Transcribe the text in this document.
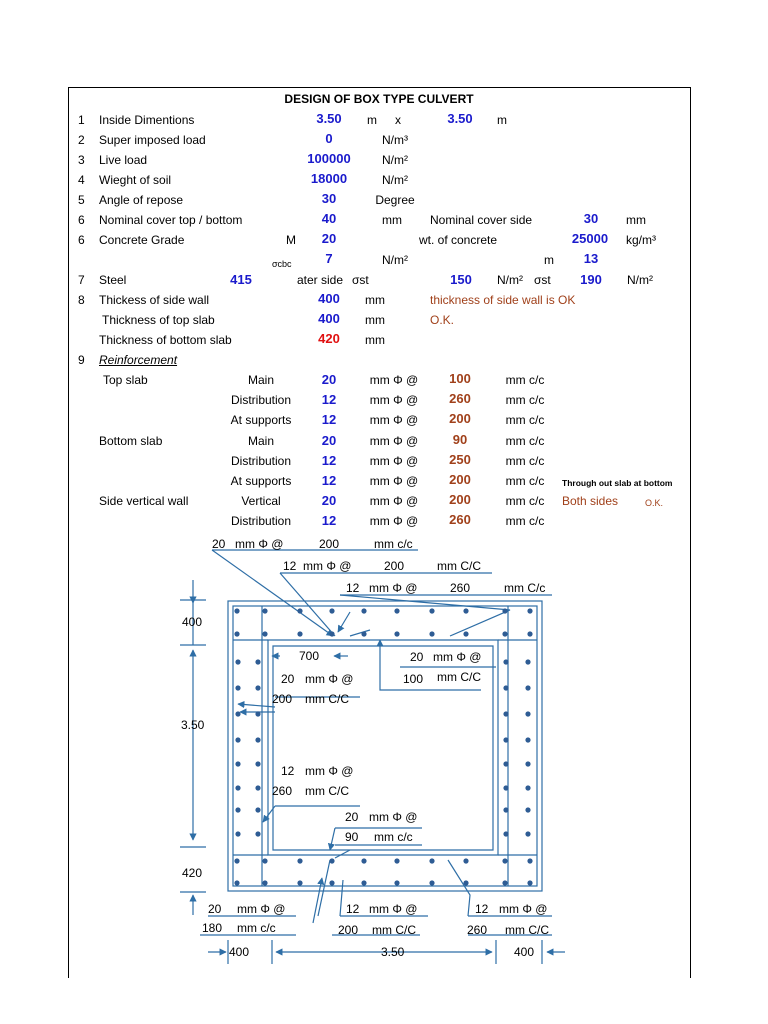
DESIGN OF BOX TYPE CULVERT
1 Inside Dimentions	3.50 m x	3.50 m
2 Super imposed load	0	N/m³
3 Live load	100000	N/m²
4 Wieght of soil	18000	N/m²
5 Angle of repose	30	Degree
6 Nominal cover top / bottom	40	mm Nominal cover side	30 mm
6 Concrete Grade	M 20	wt. of concrete	25000 kg/m³
σcbc	7	N/m²	m 13
7 Steel	415	ater side σst	150 N/m² σst 190 N/m²
8 Thickess of side wall	400 mm	thickness of side wall is OK
Thickness of top slab	400 mm	O.K.
Thickness of bottom slab	420 mm
9 Reinforcement
Top slab	Main	20	mm Φ @ 100	mm c/c
Distribution 12	mm Φ @ 260	mm c/c
At supports 12	mm Φ @ 200	mm c/c
Bottom slab	Main	20	mm Φ @	90	mm c/c
Distribution 12	mm Φ @ 250	mm c/c
At supports 12	mm Φ @ 200	mm c/c Through out slab at bottom
Side vertical wall	Vertical	20	mm Φ @ 200	mm c/c Both sides	O.K.
Distribution 12	mm Φ @ 260	mm c/c
20 mm Φ @	200	mm c/c
12 mm Φ @	200	mm C/C
12 mm Φ @	260	mm C/c
400
3.50
420
700	20 mm Φ @
100 mm C/C
20 mm Φ @
200 mm C/C
12 mm Φ @
260 mm C/C
20 mm Φ @
90 mm c/c
20 mm Φ @
180 mm c/c
12 mm Φ @
200 mm C/C
12 mm Φ @
260 mm C/C
400	3.50	400
